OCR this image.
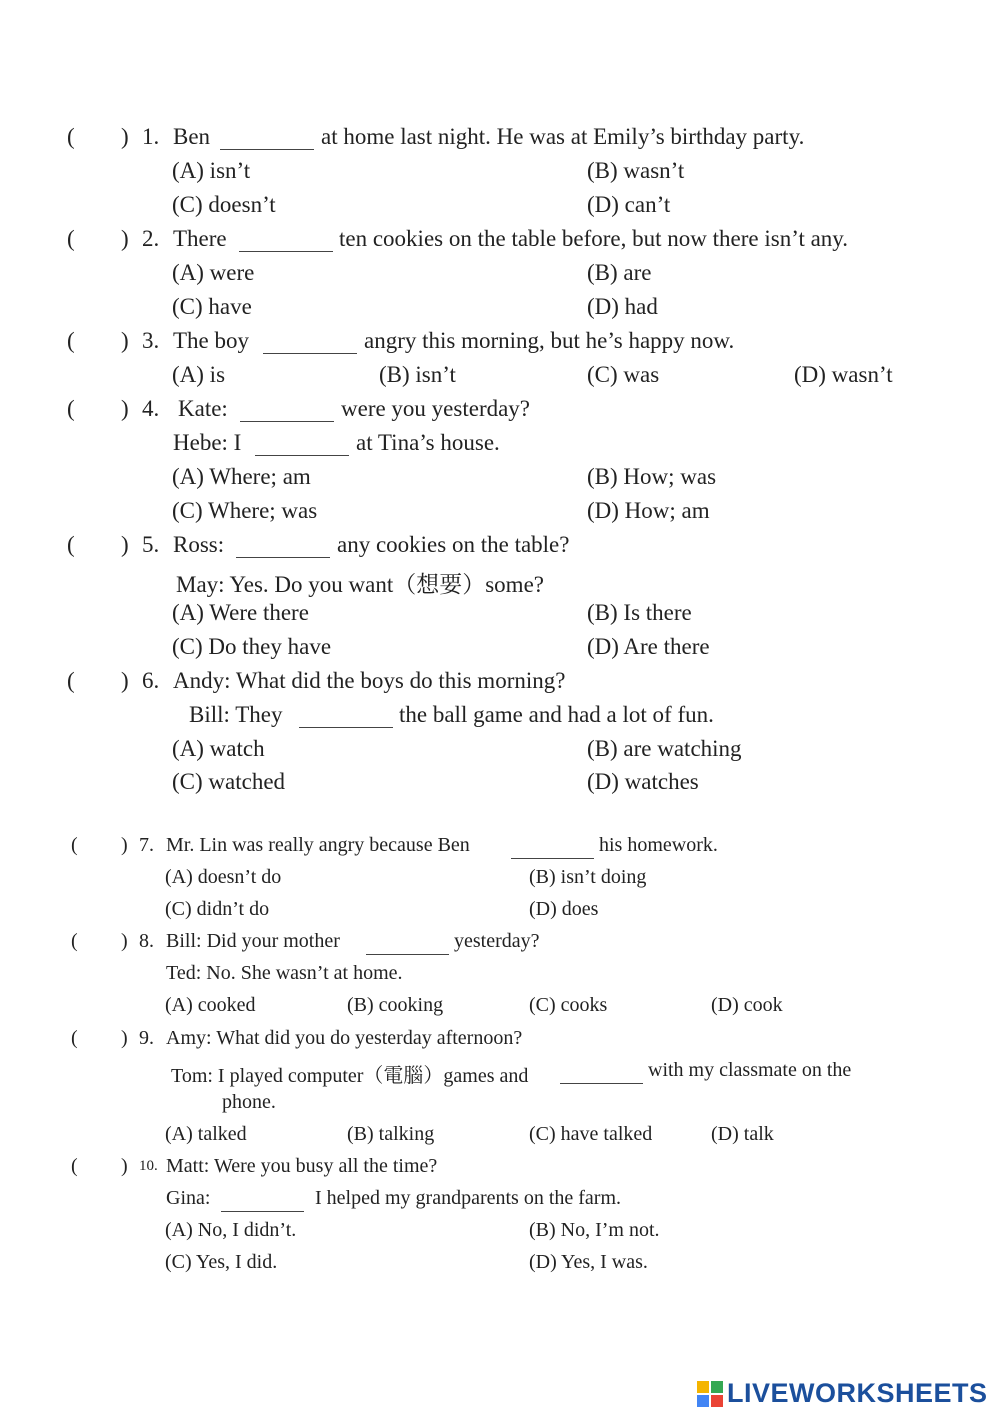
( ) 1. Ben	at home last night. He was at Emily’s birthday party.
(A) isn’t	(B) wasn’t
(C) doesn’t	(D) can’t
( ) 2. There	ten cookies on the table before, but now there isn’t any.
(A) were	(B) are
(C) have	(D) had
( ) 3. The boy	angry this morning, but he’s happy now.
(A) is	(B) isn’t	(C) was	(D) wasn’t
( ) 4. Kate:	were you yesterday?
Hebe: I	at Tina’s house.
(A) Where; am	(B) How; was
(C) Where; was	(D) How; am
( ) 5. Ross:	any cookies on the table?
May: Yes. Do you want（想要）some?
(A) Were there	(B) Is there
(C) Do they have	(D) Are there
( ) 6. Andy: What did the boys do this morning?
Bill: They	the ball game and had a lot of fun.
(A) watch	(B) are watching
(C) watched	(D) watches
( ) 7. Mr. Lin was really angry because Ben	his homework.
(A) doesn’t do	(B) isn’t doing
(C) didn’t do	(D) does
( ) 8. Bill: Did your mother	yesterday?
Ted: No. She wasn’t at home.
(A) cooked	(B) cooking	(C) cooks	(D) cook
( ) 9. Amy: What did you do yesterday afternoon?
Tom: I played computer（電腦）games and	with my classmate on the
phone.
(A) talked	(B) talking	(C) have talked	(D) talk
( ) 10. Matt: Were you busy all the time?
Gina:	I helped my grandparents on the farm.
(A) No, I didn’t.	(B) No, I’m not.
(C) Yes, I did.	(D) Yes, I was.
LIVEWORKSHEETS
